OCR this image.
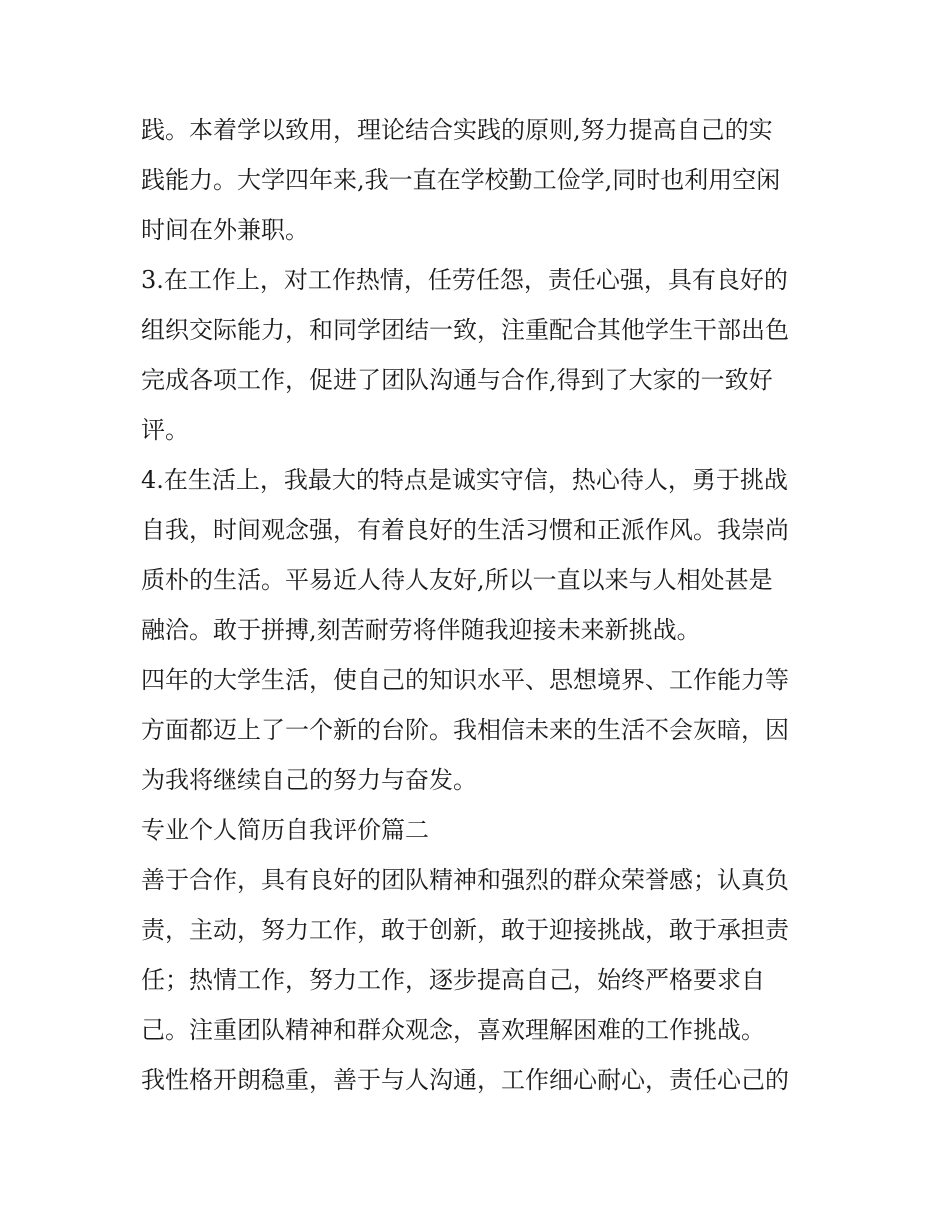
践。本着学以致用，理论结合实践的原则,努力提高自己的实

践能力。大学四年来,我一直在学校勤工俭学,同时也利用空闲

时间在外兼职。

3.在工作上，对工作热情，任劳任怨，责任心强，具有良好的

组织交际能力，和同学团结一致，注重配合其他学生干部出色

完成各项工作，促进了团队沟通与合作,得到了大家的一致好

评。

4.在生活上，我最大的特点是诚实守信，热心待人，勇于挑战

自我，时间观念强，有着良好的生活习惯和正派作风。我崇尚

质朴的生活。平易近人待人友好,所以一直以来与人相处甚是

融洽。敢于拼搏,刻苦耐劳将伴随我迎接未来新挑战。

四年的大学生活，使自己的知识水平、思想境界、工作能力等

方面都迈上了一个新的台阶。我相信未来的生活不会灰暗，因

为我将继续自己的努力与奋发。

专业个人简历自我评价篇二

善于合作，具有良好的团队精神和强烈的群众荣誉感；认真负

责，主动，努力工作，敢于创新，敢于迎接挑战，敢于承担责

任；热情工作，努力工作，逐步提高自己，始终严格要求自

己。注重团队精神和群众观念，喜欢理解困难的工作挑战。

我性格开朗稳重，善于与人沟通，工作细心耐心，责任心己的
